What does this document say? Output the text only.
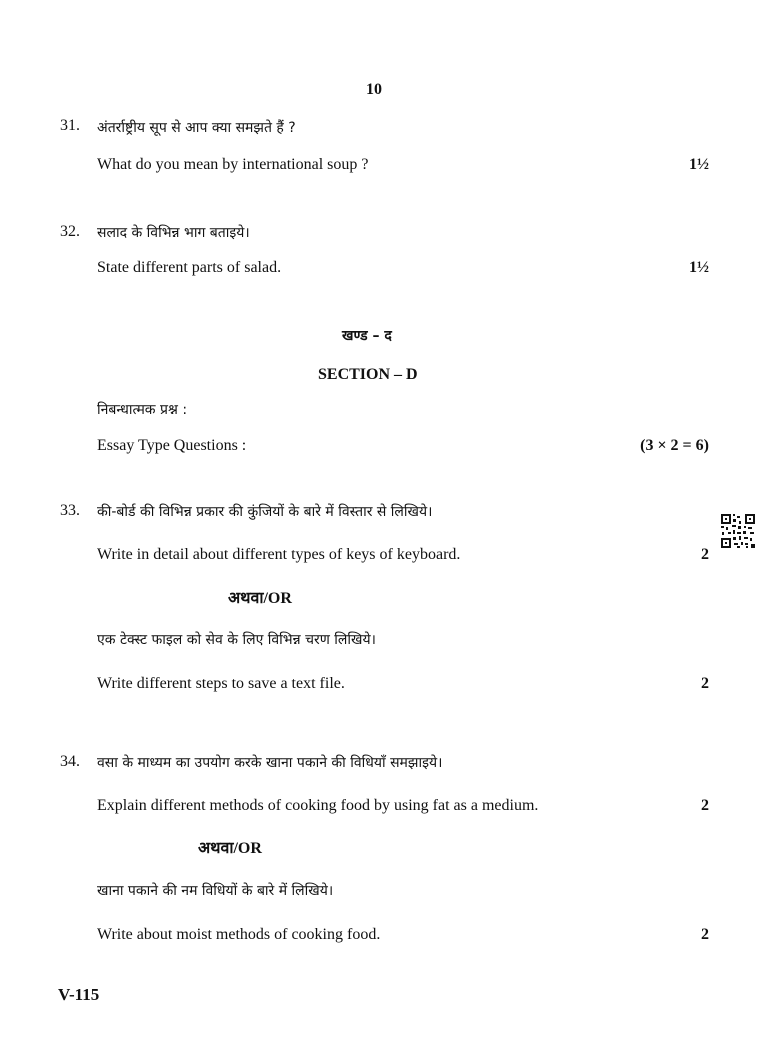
10
31. अंतर्राष्ट्रीय सूप से आप क्या समझते हैं ?
What do you mean by international soup ?	1½
32. सलाद के विभिन्न भाग बताइये।
State different parts of salad.	1½
खण्ड – द
SECTION – D
निबन्धात्मक प्रश्न :
Essay Type Questions :	(3 × 2 = 6)
33. की-बोर्ड की विभिन्न प्रकार की कुंजियों के बारे में विस्तार से लिखिये।
Write in detail about different types of keys of keyboard.	2
अथवा/OR
एक टेक्स्ट फाइल को सेव के लिए विभिन्न चरण लिखिये।
Write different steps to save a text file.	2
34. वसा के माध्यम का उपयोग करके खाना पकाने की विधियाँ समझाइये।
Explain different methods of cooking food by using fat as a medium.	2
अथवा/OR
खाना पकाने की नम विधियों के बारे में लिखिये।
Write about moist methods of cooking food.	2
V-115
